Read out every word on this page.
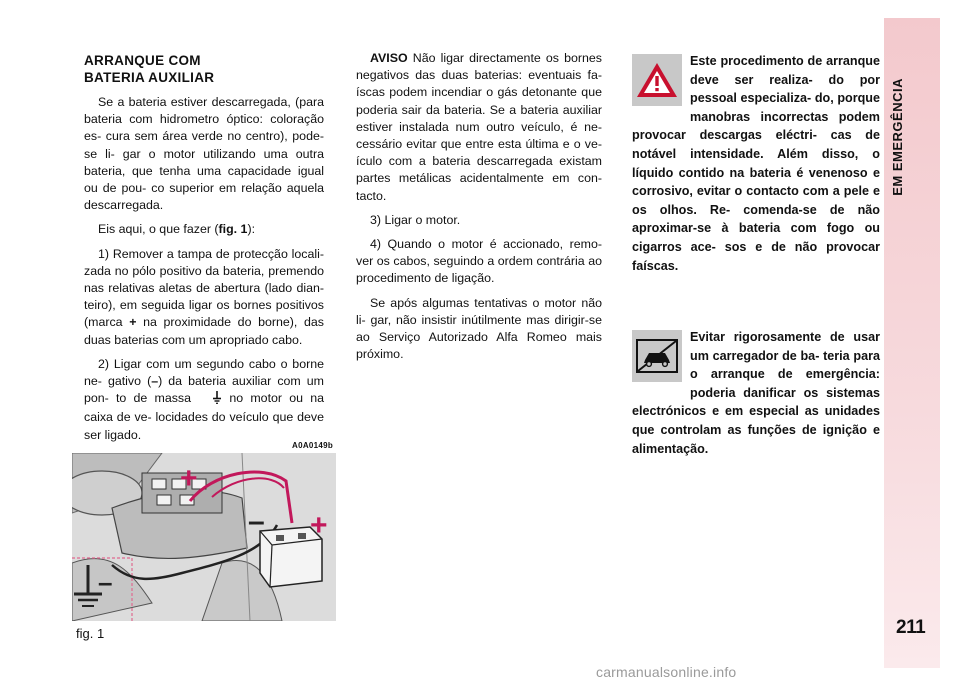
EM EMERGÊNCIA
211
ARRANQUE COM
BATERIA AUXILIAR

Se a bateria estiver descarregada, (para bateria com hidrometro óptico: coloração es- cura sem área verde no centro), pode-se li- gar o motor utilizando uma outra bateria, que tenha uma capacidade igual ou de pou- co superior em relação aquela descarregada.

Eis aqui, o que fazer (fig. 1):

1) Remover a tampa de protecção locali- zada no pólo positivo da bateria, premendo nas relativas aletas de abertura (lado dian- teiro), em seguida ligar os bornes positivos (marca + na proximidade do borne), das duas baterias com um apropriado cabo.

2) Ligar com um segundo cabo o borne ne- gativo (–) da bateria auxiliar com um pon- to de massa  no motor ou na caixa de ve- locidades do veículo que deve ser ligado.

AVISO Não ligar directamente os bornes negativos das duas baterias: eventuais fa- íscas podem incendiar o gás detonante que poderia sair da bateria. Se a bateria auxiliar estiver instalada num outro veículo, é ne- cessário evitar que entre esta última e o ve- ículo com a bateria descarregada existam partes metálicas acidentalmente em con- tacto.

3) Ligar o motor.

4) Quando o motor é accionado, remo- ver os cabos, seguindo a ordem contrária ao procedimento de ligação.

Se após algumas tentativas o motor não li- gar, não insistir inútilmente mas dirigir-se ao Serviço Autorizado Alfa Romeo mais próximo.

Este procedimento de arranque deve ser realiza- do por pessoal especializa- do, porque manobras incorrectas podem provocar descargas eléctri- cas de notável intensidade. Além disso, o líquido contido na bateria é venenoso e corrosivo, evitar o contacto com a pele e os olhos. Re- comenda-se de não aproximar-se à bateria com fogo ou cigarros ace- sos e de não provocar faíscas.
Evitar rigorosamente de usar um carregador de ba- teria para o arranque de emergência: poderia danificar os sistemas electrónicos e em especial as unidades que controlam as funções de ignição e alimentação.
A0A0149b
+
+
–
–
fig. 1
carmanualsonline.info
